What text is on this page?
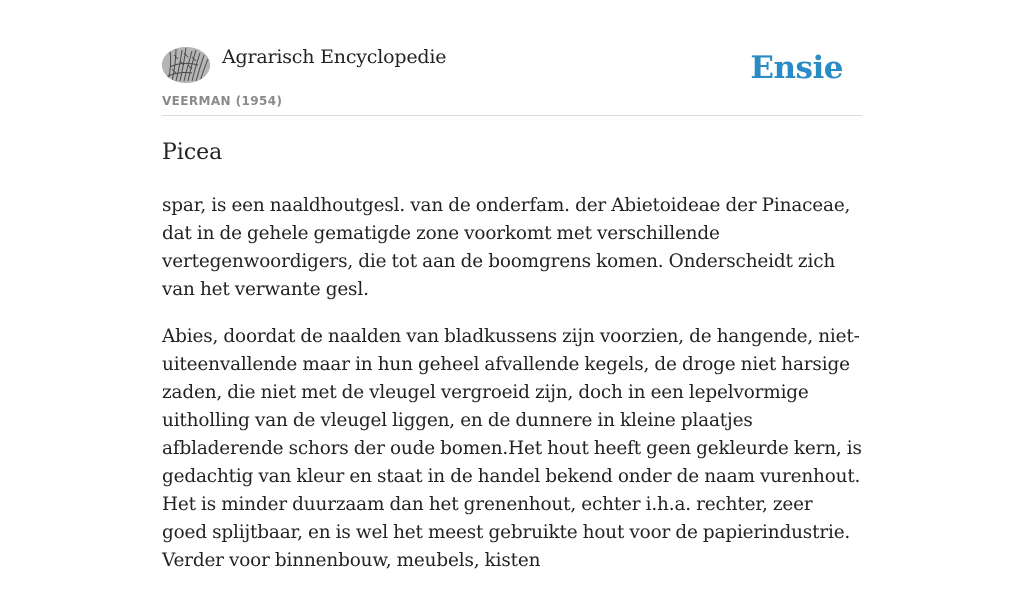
Agrarisch Encyclopedie
VEERMAN (1954)
Ensie
Picea

spar, is een naaldhoutgesl. van de onderfam. der Abietoideae der Pinaceae, dat in de gehele gematigde zone voorkomt met verschillende vertegenwoordigers, die tot aan de boomgrens komen. Onderscheidt zich van het verwante gesl.

Abies, doordat de naalden van bladkussens zijn voorzien, de hangende, niet-uiteenvallende maar in hun geheel afvallende kegels, de droge niet harsige zaden, die niet met de vleugel vergroeid zijn, doch in een lepelvormige uitholling van de vleugel liggen, en de dunnere in kleine plaatjes afbladerende schors der oude bomen.Het hout heeft geen gekleurde kern, is gedachtig van kleur en staat in de handel bekend onder de naam vurenhout. Het is minder duurzaam dan het grenenhout, echter i.h.a. rechter, zeer goed splijtbaar, en is wel het meest gebruikte hout voor de papierindustrie. Verder voor binnenbouw, meubels, kisten
